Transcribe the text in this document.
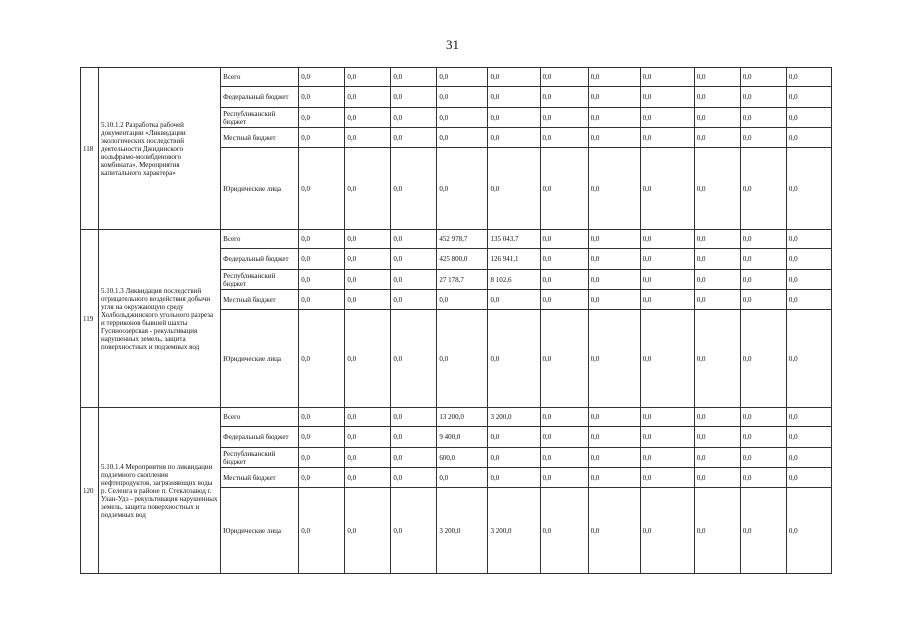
31
118	5.10.1.2 Разработка рабочей документации «Ликвидации экологических последствий деятельности Джидинского вольфрамо-молибденового комбината». Мероприятия капитального характера»	Всего	0,0	0,0	0,0	0,0	0,0	0,0	0,0	0,0	0,0	0,0	0,0
		Федеральный бюджет	0,0	0,0	0,0	0,0	0,0	0,0	0,0	0,0	0,0	0,0	0,0
		Республиканский бюджет	0,0	0,0	0,0	0,0	0,0	0,0	0,0	0,0	0,0	0,0	0,0
		Местный бюджет	0,0	0,0	0,0	0,0	0,0	0,0	0,0	0,0	0,0	0,0	0,0
		Юридические лица	0,0	0,0	0,0	0,0	0,0	0,0	0,0	0,0	0,0	0,0	0,0
119	5.10.1.3 Ликвидация последствий отрицательного воздействия добычи угля на окружающую среду Холбольджинского угольного разреза и терриконов бывшей шахты Гусиноозерская - рекультивация нарушенных земель, защита поверхностных и подземных вод	Всего	0,0	0,0	0,0	452 978,7	135 043,7	0,0	0,0	0,0	0,0	0,0	0,0
		Федеральный бюджет	0,0	0,0	0,0	425 800,0	126 941,1	0,0	0,0	0,0	0,0	0,0	0,0
		Республиканский бюджет	0,0	0,0	0,0	27 178,7	8 102,6	0,0	0,0	0,0	0,0	0,0	0,0
		Местный бюджет	0,0	0,0	0,0	0,0	0,0	0,0	0,0	0,0	0,0	0,0	0,0
		Юридические лица	0,0	0,0	0,0	0,0	0,0	0,0	0,0	0,0	0,0	0,0	0,0
120	5.10.1.4 Мероприятия по ликвидации подземного скопления нефтепродуктов, загрязняющих воды р. Селенга в районе п. Стеклозавод г. Улан-Удэ - рекультивация нарушенных земель, защита поверхностных и подземных вод	Всего	0,0	0,0	0,0	13 200,0	3 200,0	0,0	0,0	0,0	0,0	0,0	0,0
		Федеральный бюджет	0,0	0,0	0,0	9 400,0	0,0	0,0	0,0	0,0	0,0	0,0	0,0
		Республиканский бюджет	0,0	0,0	0,0	600,0	0,0	0,0	0,0	0,0	0,0	0,0	0,0
		Местный бюджет	0,0	0,0	0,0	0,0	0,0	0,0	0,0	0,0	0,0	0,0	0,0
		Юридические лица	0,0	0,0	0,0	3 200,0	3 200,0	0,0	0,0	0,0	0,0	0,0	0,0
